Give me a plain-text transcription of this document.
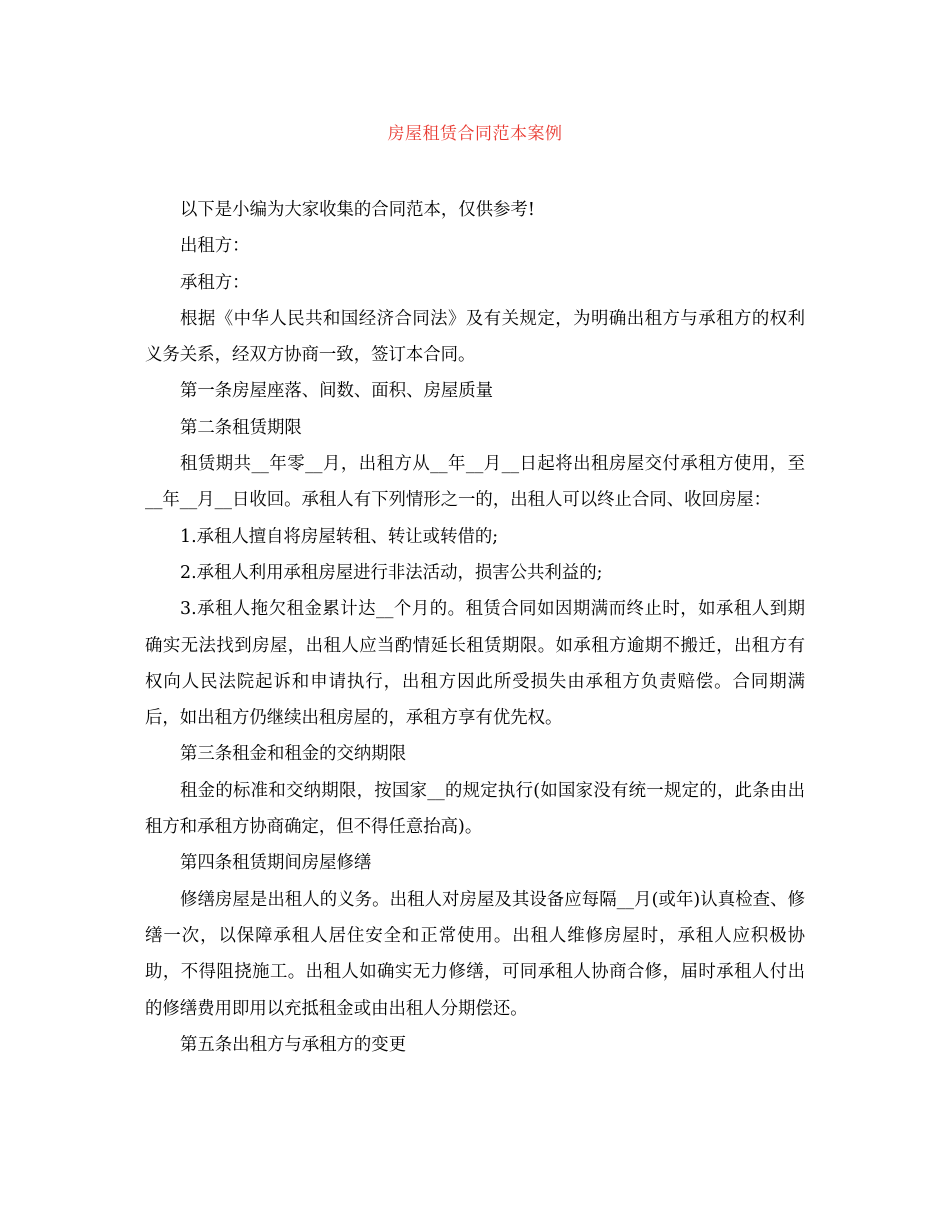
房屋租赁合同范本案例

以下是小编为大家收集的合同范本，仅供参考!

出租方：

承租方：

根据《中华人民共和国经济合同法》及有关规定，为明确出租方与承租方的权利义务关系，经双方协商一致，签订本合同。

第一条房屋座落、间数、面积、房屋质量

第二条租赁期限

租赁期共__年零__月，出租方从__年__月__日起将出租房屋交付承租方使用，至__年__月__日收回。承租人有下列情形之一的，出租人可以终止合同、收回房屋：

1.承租人擅自将房屋转租、转让或转借的;

2.承租人利用承租房屋进行非法活动，损害公共利益的;

3.承租人拖欠租金累计达__个月的。租赁合同如因期满而终止时，如承租人到期确实无法找到房屋，出租人应当酌情延长租赁期限。如承租方逾期不搬迁，出租方有权向人民法院起诉和申请执行，出租方因此所受损失由承租方负责赔偿。合同期满后，如出租方仍继续出租房屋的，承租方享有优先权。

第三条租金和租金的交纳期限

租金的标准和交纳期限，按国家__的规定执行(如国家没有统一规定的，此条由出租方和承租方协商确定，但不得任意抬高)。

第四条租赁期间房屋修缮

修缮房屋是出租人的义务。出租人对房屋及其设备应每隔__月(或年)认真检查、修缮一次，以保障承租人居住安全和正常使用。出租人维修房屋时，承租人应积极协助，不得阻挠施工。出租人如确实无力修缮，可同承租人协商合修，届时承租人付出的修缮费用即用以充抵租金或由出租人分期偿还。

第五条出租方与承租方的变更
